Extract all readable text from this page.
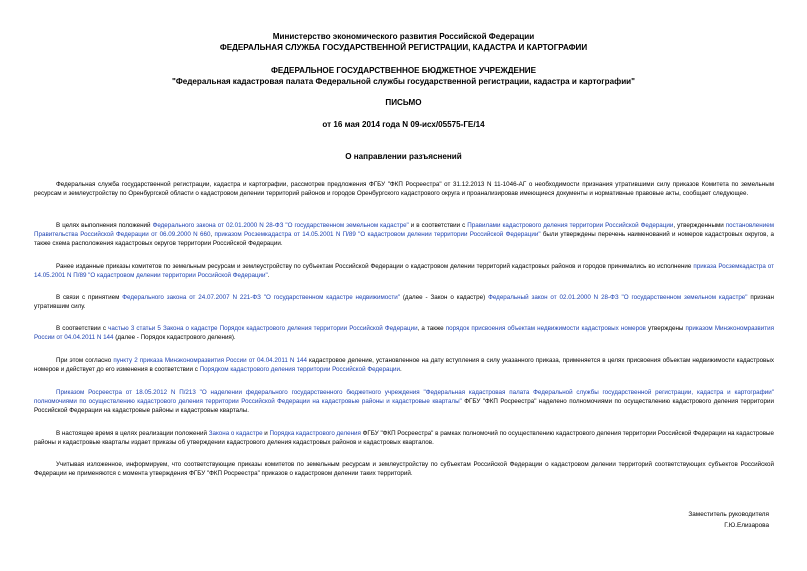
Министерство экономического развития Российской Федерации
ФЕДЕРАЛЬНАЯ СЛУЖБА ГОСУДАРСТВЕННОЙ РЕГИСТРАЦИИ, КАДАСТРА И КАРТОГРАФИИ
ФЕДЕРАЛЬНОЕ ГОСУДАРСТВЕННОЕ БЮДЖЕТНОЕ УЧРЕЖДЕНИЕ
"Федеральная кадастровая палата Федеральной службы государственной регистрации, кадастра и картографии"
ПИСЬМО
от 16 мая 2014 года N 09-исх/05575-ГЕ/14
О направлении разъяснений
Федеральная служба государственной регистрации, кадастра и картографии, рассмотрев предложения ФГБУ "ФКП Росреестра" от 31.12.2013 N 11-1046-АГ о необходимости признания утратившими силу приказов Комитета по земельным ресурсам и землеустройству по Оренбургской области о кадастровом делении территорий районов и городов Оренбургского кадастрового округа и проанализировав имеющиеся документы и нормативные правовые акты, сообщает следующее.
В целях выполнения положений Федерального закона от 02.01.2000 N 28-ФЗ "О государственном земельном кадастре" и в соответствии с Правилами кадастрового деления территории Российской Федерации, утвержденными постановлением Правительства Российской Федерации от 06.09.2000 N 660, приказом Росземкадастра от 14.05.2001 N П/89 "О кадастровом делении территории Российской Федерации" были утверждены перечень наименований и номеров кадастровых округов, а также схема расположения кадастровых округов территории Российской Федерации.
Ранее изданные приказы комитетов по земельным ресурсам и землеустройству по субъектам Российской Федерации о кадастровом делении территорий кадастровых районов и городов принимались во исполнение приказа Росземкадастра от 14.05.2001 N П/89 "О кадастровом делении территории Российской Федерации".
В связи с принятием Федерального закона от 24.07.2007 N 221-ФЗ "О государственном кадастре недвижимости" (далее - Закон о кадастре) Федеральный закон от 02.01.2000 N 28-ФЗ "О государственном земельном кадастре" признан утратившим силу.
В соответствии с частью 3 статьи 5 Закона о кадастре Порядок кадастрового деления территории Российской Федерации, а также порядок присвоения объектам недвижимости кадастровых номеров утверждены приказом Минэкономразвития России от 04.04.2011 N 144 (далее - Порядок кадастрового деления).
При этом согласно пункту 2 приказа Минэкономразвития России от 04.04.2011 N 144 кадастровое деление, установленное на дату вступления в силу указанного приказа, применяется в целях присвоения объектам недвижимости кадастровых номеров и действует до его изменения в соответствии с Порядком кадастрового деления территории Российской Федерации.
Приказом Росреестра от 18.05.2012 N П/213 "О наделении федерального государственного бюджетного учреждения "Федеральная кадастровая палата Федеральной службы государственной регистрации, кадастра и картографии" полномочиями по осуществлению кадастрового деления территории Российской Федерации на кадастровые районы и кадастровые кварталы" ФГБУ "ФКП Росреестра" наделено полномочиями по осуществлению кадастрового деления территории Российской Федерации на кадастровые районы и кадастровые кварталы.
В настоящее время в целях реализации положений Закона о кадастре и Порядка кадастрового деления ФГБУ "ФКП Росреестра" в рамках полномочий по осуществлению кадастрового деления территории Российской Федерации на кадастровые районы и кадастровые кварталы издает приказы об утверждении кадастрового деления кадастровых районов и кадастровых кварталов.
Учитывая изложенное, информируем, что соответствующие приказы комитетов по земельным ресурсам и землеустройству по субъектам Российской Федерации о кадастровом делении территорий соответствующих субъектов Российской Федерации не применяются с момента утверждения ФГБУ "ФКП Росреестра" приказов о кадастровом делении таких территорий.
Заместитель руководителя
Г.Ю.Елизарова
